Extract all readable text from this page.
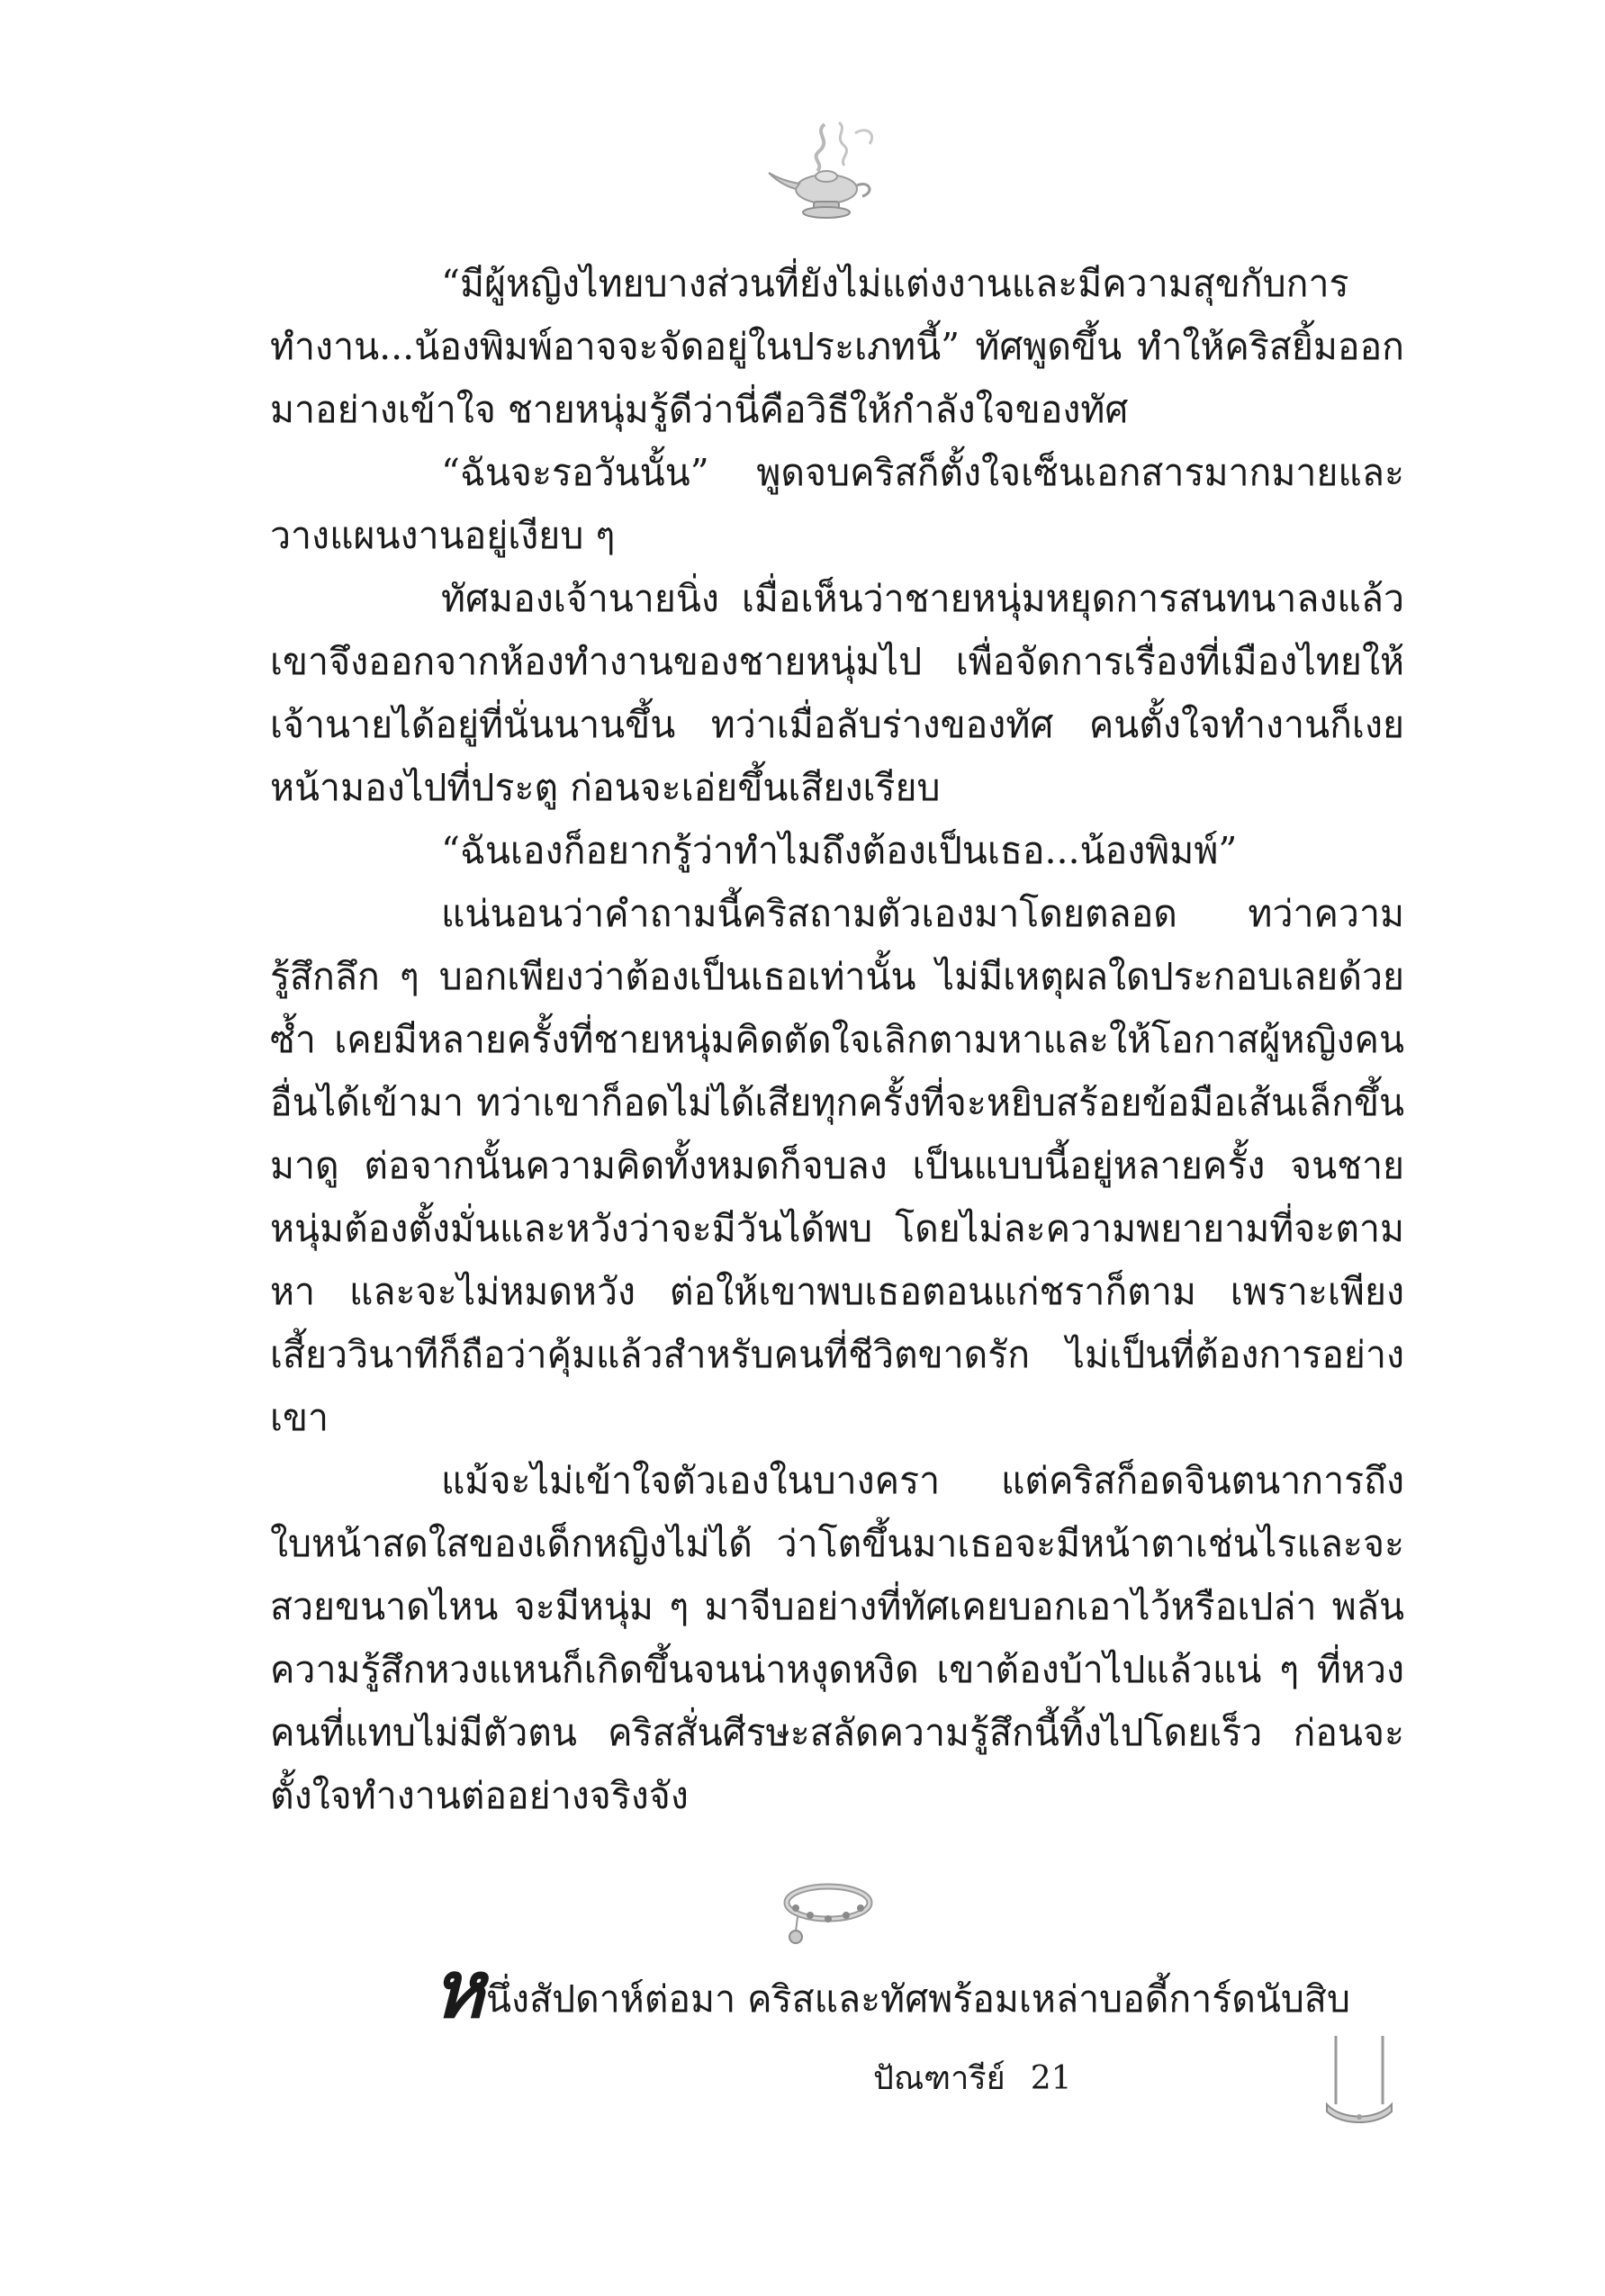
“มีผู้หญิงไทยบางส่วนที่ยังไม่แต่งงานและมีความสุขกับการทำงาน...น้องพิมพ์อาจจะจัดอยู่ในประเภทนี้” ทัศพูดขึ้น ทำให้คริสยิ้มออกมาอย่างเข้าใจ ชายหนุ่มรู้ดีว่านี่คือวิธีให้กำลังใจของทัศ

“ฉันจะรอวันนั้น” พูดจบคริสก็ตั้งใจเซ็นเอกสารมากมายและวางแผนงานอยู่เงียบ ๆ

ทัศมองเจ้านายนิ่ง เมื่อเห็นว่าชายหนุ่มหยุดการสนทนาลงแล้ว เขาจึงออกจากห้องทำงานของชายหนุ่มไป เพื่อจัดการเรื่องที่เมืองไทยให้เจ้านายได้อยู่ที่นั่นนานขึ้น ทว่าเมื่อลับร่างของทัศ คนตั้งใจทำงานก็เงยหน้ามองไปที่ประตู ก่อนจะเอ่ยขึ้นเสียงเรียบ

“ฉันเองก็อยากรู้ว่าทำไมถึงต้องเป็นเธอ...น้องพิมพ์”

แน่นอนว่าคำถามนี้คริสถามตัวเองมาโดยตลอด ทว่าความรู้สึกลึก ๆ บอกเพียงว่าต้องเป็นเธอเท่านั้น ไม่มีเหตุผลใดประกอบเลยด้วยซ้ำ เคยมีหลายครั้งที่ชายหนุ่มคิดตัดใจเลิกตามหาและให้โอกาสผู้หญิงคนอื่นได้เข้ามา ทว่าเขาก็อดไม่ได้เสียทุกครั้งที่จะหยิบสร้อยข้อมือเส้นเล็กขึ้นมาดู ต่อจากนั้นความคิดทั้งหมดก็จบลง เป็นแบบนี้อยู่หลายครั้ง จนชายหนุ่มต้องตั้งมั่นและหวังว่าจะมีวันได้พบ โดยไม่ละความพยายามที่จะตามหา และจะไม่หมดหวัง ต่อให้เขาพบเธอตอนแก่ชราก็ตาม เพราะเพียงเสี้ยววินาทีก็ถือว่าคุ้มแล้วสำหรับคนที่ชีวิตขาดรัก ไม่เป็นที่ต้องการอย่างเขา

แม้จะไม่เข้าใจตัวเองในบางครา แต่คริสก็อดจินตนาการถึงใบหน้าสดใสของเด็กหญิงไม่ได้ ว่าโตขึ้นมาเธอจะมีหน้าตาเช่นไรและจะสวยขนาดไหน จะมีหนุ่ม ๆ มาจีบอย่างที่ทัศเคยบอกเอาไว้หรือเปล่า พลันความรู้สึกหวงแหนก็เกิดขึ้นจนน่าหงุดหงิด เขาต้องบ้าไปแล้วแน่ ๆ ที่หวงคนที่แทบไม่มีตัวตน คริสสั่นศีรษะสลัดความรู้สึกนี้ทิ้งไปโดยเร็ว ก่อนจะตั้งใจทำงานต่ออย่างจริงจัง

หนึ่งสัปดาห์ต่อมา คริสและทัศพร้อมเหล่าบอดี้การ์ดนับสิบ
ปัณฑารีย์ 21
